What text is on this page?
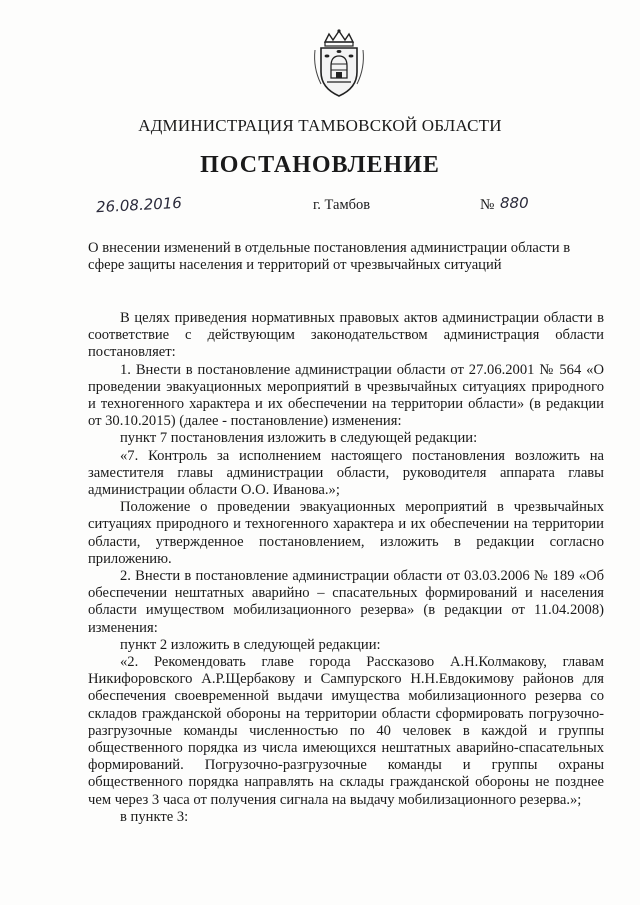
АДМИНИСТРАЦИЯ ТАМБОВСКОЙ ОБЛАСТИ
ПОСТАНОВЛЕНИЕ
26.08.2016	г. Тамбов	№ 880
О внесении изменений в отдельные постановления администрации области в сфере защиты населения и территорий от чрезвычайных ситуаций

В целях приведения нормативных правовых актов администрации области в соответствие с действующим законодательством администрация области постановляет:

1. Внести в постановление администрации области от 27.06.2001 № 564 «О проведении эвакуационных мероприятий в чрезвычайных ситуациях природного и техногенного характера и их обеспечении на территории области» (в редакции от 30.10.2015) (далее - постановление) изменения:

пункт 7 постановления изложить в следующей редакции:

«7. Контроль за исполнением настоящего постановления возложить на заместителя главы администрации области, руководителя аппарата главы администрации области О.О. Иванова.»;

Положение о проведении эвакуационных мероприятий в чрезвычайных ситуациях природного и техногенного характера и их обеспечении на территории области, утвержденное постановлением, изложить в редакции согласно приложению.

2. Внести в постановление администрации области от 03.03.2006 № 189 «Об обеспечении нештатных аварийно – спасательных формирований и населения области имуществом мобилизационного резерва» (в редакции от 11.04.2008) изменения:

пункт 2 изложить в следующей редакции:

«2. Рекомендовать главе города Рассказово А.Н.Колмакову, главам Никифоровского А.Р.Щербакову и Сампурского Н.Н.Евдокимову районов для обеспечения своевременной выдачи имущества мобилизационного резерва со складов гражданской обороны на территории области сформировать погрузочно-разгрузочные команды численностью по 40 человек в каждой и группы общественного порядка из числа имеющихся нештатных аварийно-спасательных формирований. Погрузочно-разгрузочные команды и группы охраны общественного порядка направлять на склады гражданской обороны не позднее чем через 3 часа от получения сигнала на выдачу мобилизационного резерва.»;

в пункте 3:
